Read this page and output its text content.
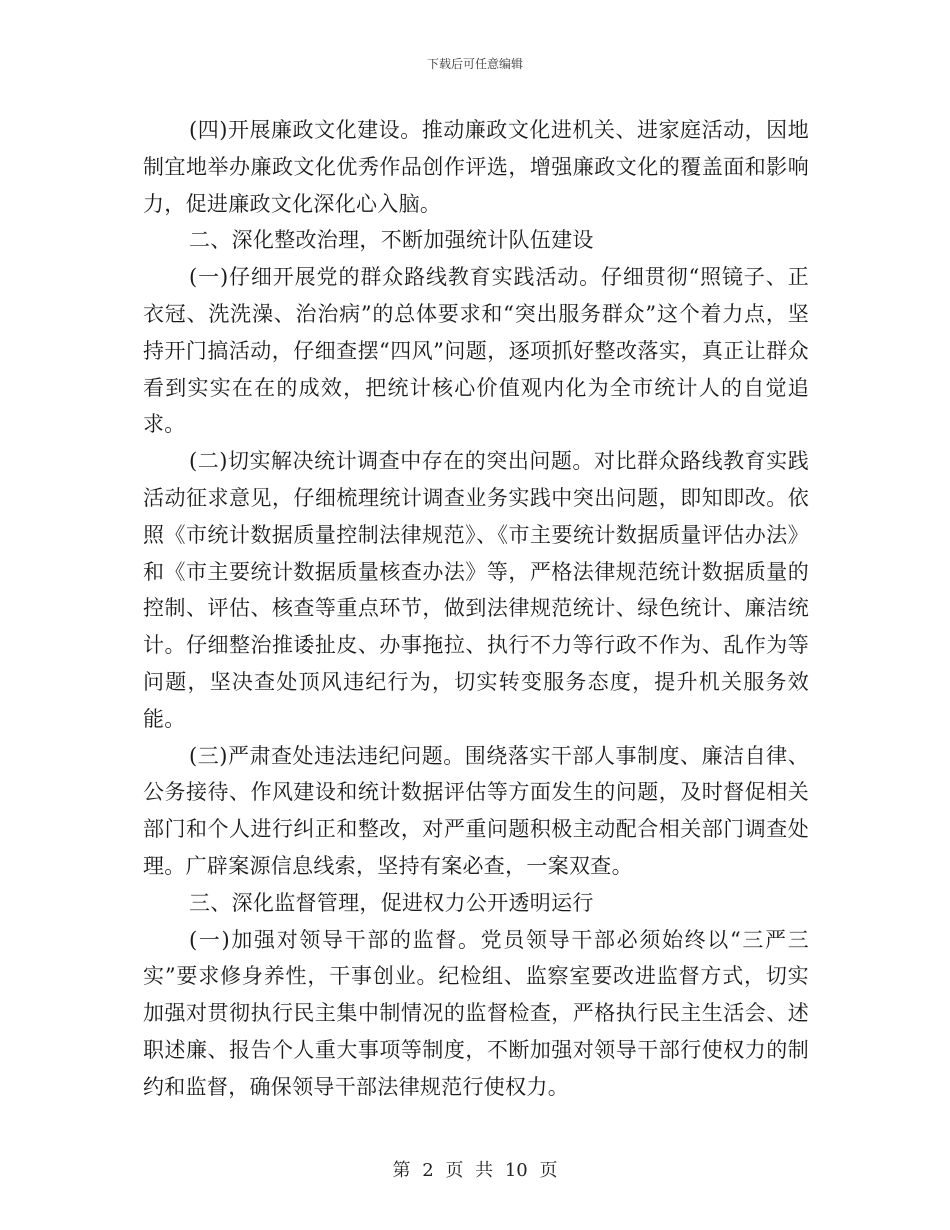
下载后可任意编辑

(四)开展廉政文化建设。推动廉政文化进机关、进家庭活动，因地制宜地举办廉政文化优秀作品创作评选，增强廉政文化的覆盖面和影响力，促进廉政文化深化心入脑。

二、深化整改治理，不断加强统计队伍建设

(一)仔细开展党的群众路线教育实践活动。仔细贯彻“照镜子、正衣冠、洗洗澡、治治病”的总体要求和“突出服务群众”这个着力点，坚持开门搞活动，仔细查摆“四风”问题，逐项抓好整改落实，真正让群众看到实实在在的成效，把统计核心价值观内化为全市统计人的自觉追求。

(二)切实解决统计调查中存在的突出问题。对比群众路线教育实践活动征求意见，仔细梳理统计调查业务实践中突出问题，即知即改。依照《市统计数据质量控制法律规范》、《市主要统计数据质量评估办法》和《市主要统计数据质量核查办法》等，严格法律规范统计数据质量的控制、评估、核查等重点环节，做到法律规范统计、绿色统计、廉洁统计。仔细整治推诿扯皮、办事拖拉、执行不力等行政不作为、乱作为等问题，坚决查处顶风违纪行为，切实转变服务态度，提升机关服务效能。

(三)严肃查处违法违纪问题。围绕落实干部人事制度、廉洁自律、公务接待、作风建设和统计数据评估等方面发生的问题，及时督促相关部门和个人进行纠正和整改，对严重问题积极主动配合相关部门调查处理。广辟案源信息线索，坚持有案必查，一案双查。

三、深化监督管理，促进权力公开透明运行

(一)加强对领导干部的监督。党员领导干部必须始终以“三严三实”要求修身养性，干事创业。纪检组、监察室要改进监督方式，切实加强对贯彻执行民主集中制情况的监督检查，严格执行民主生活会、述职述廉、报告个人重大事项等制度，不断加强对领导干部行使权力的制约和监督，确保领导干部法律规范行使权力。

第 2 页 共 10 页
